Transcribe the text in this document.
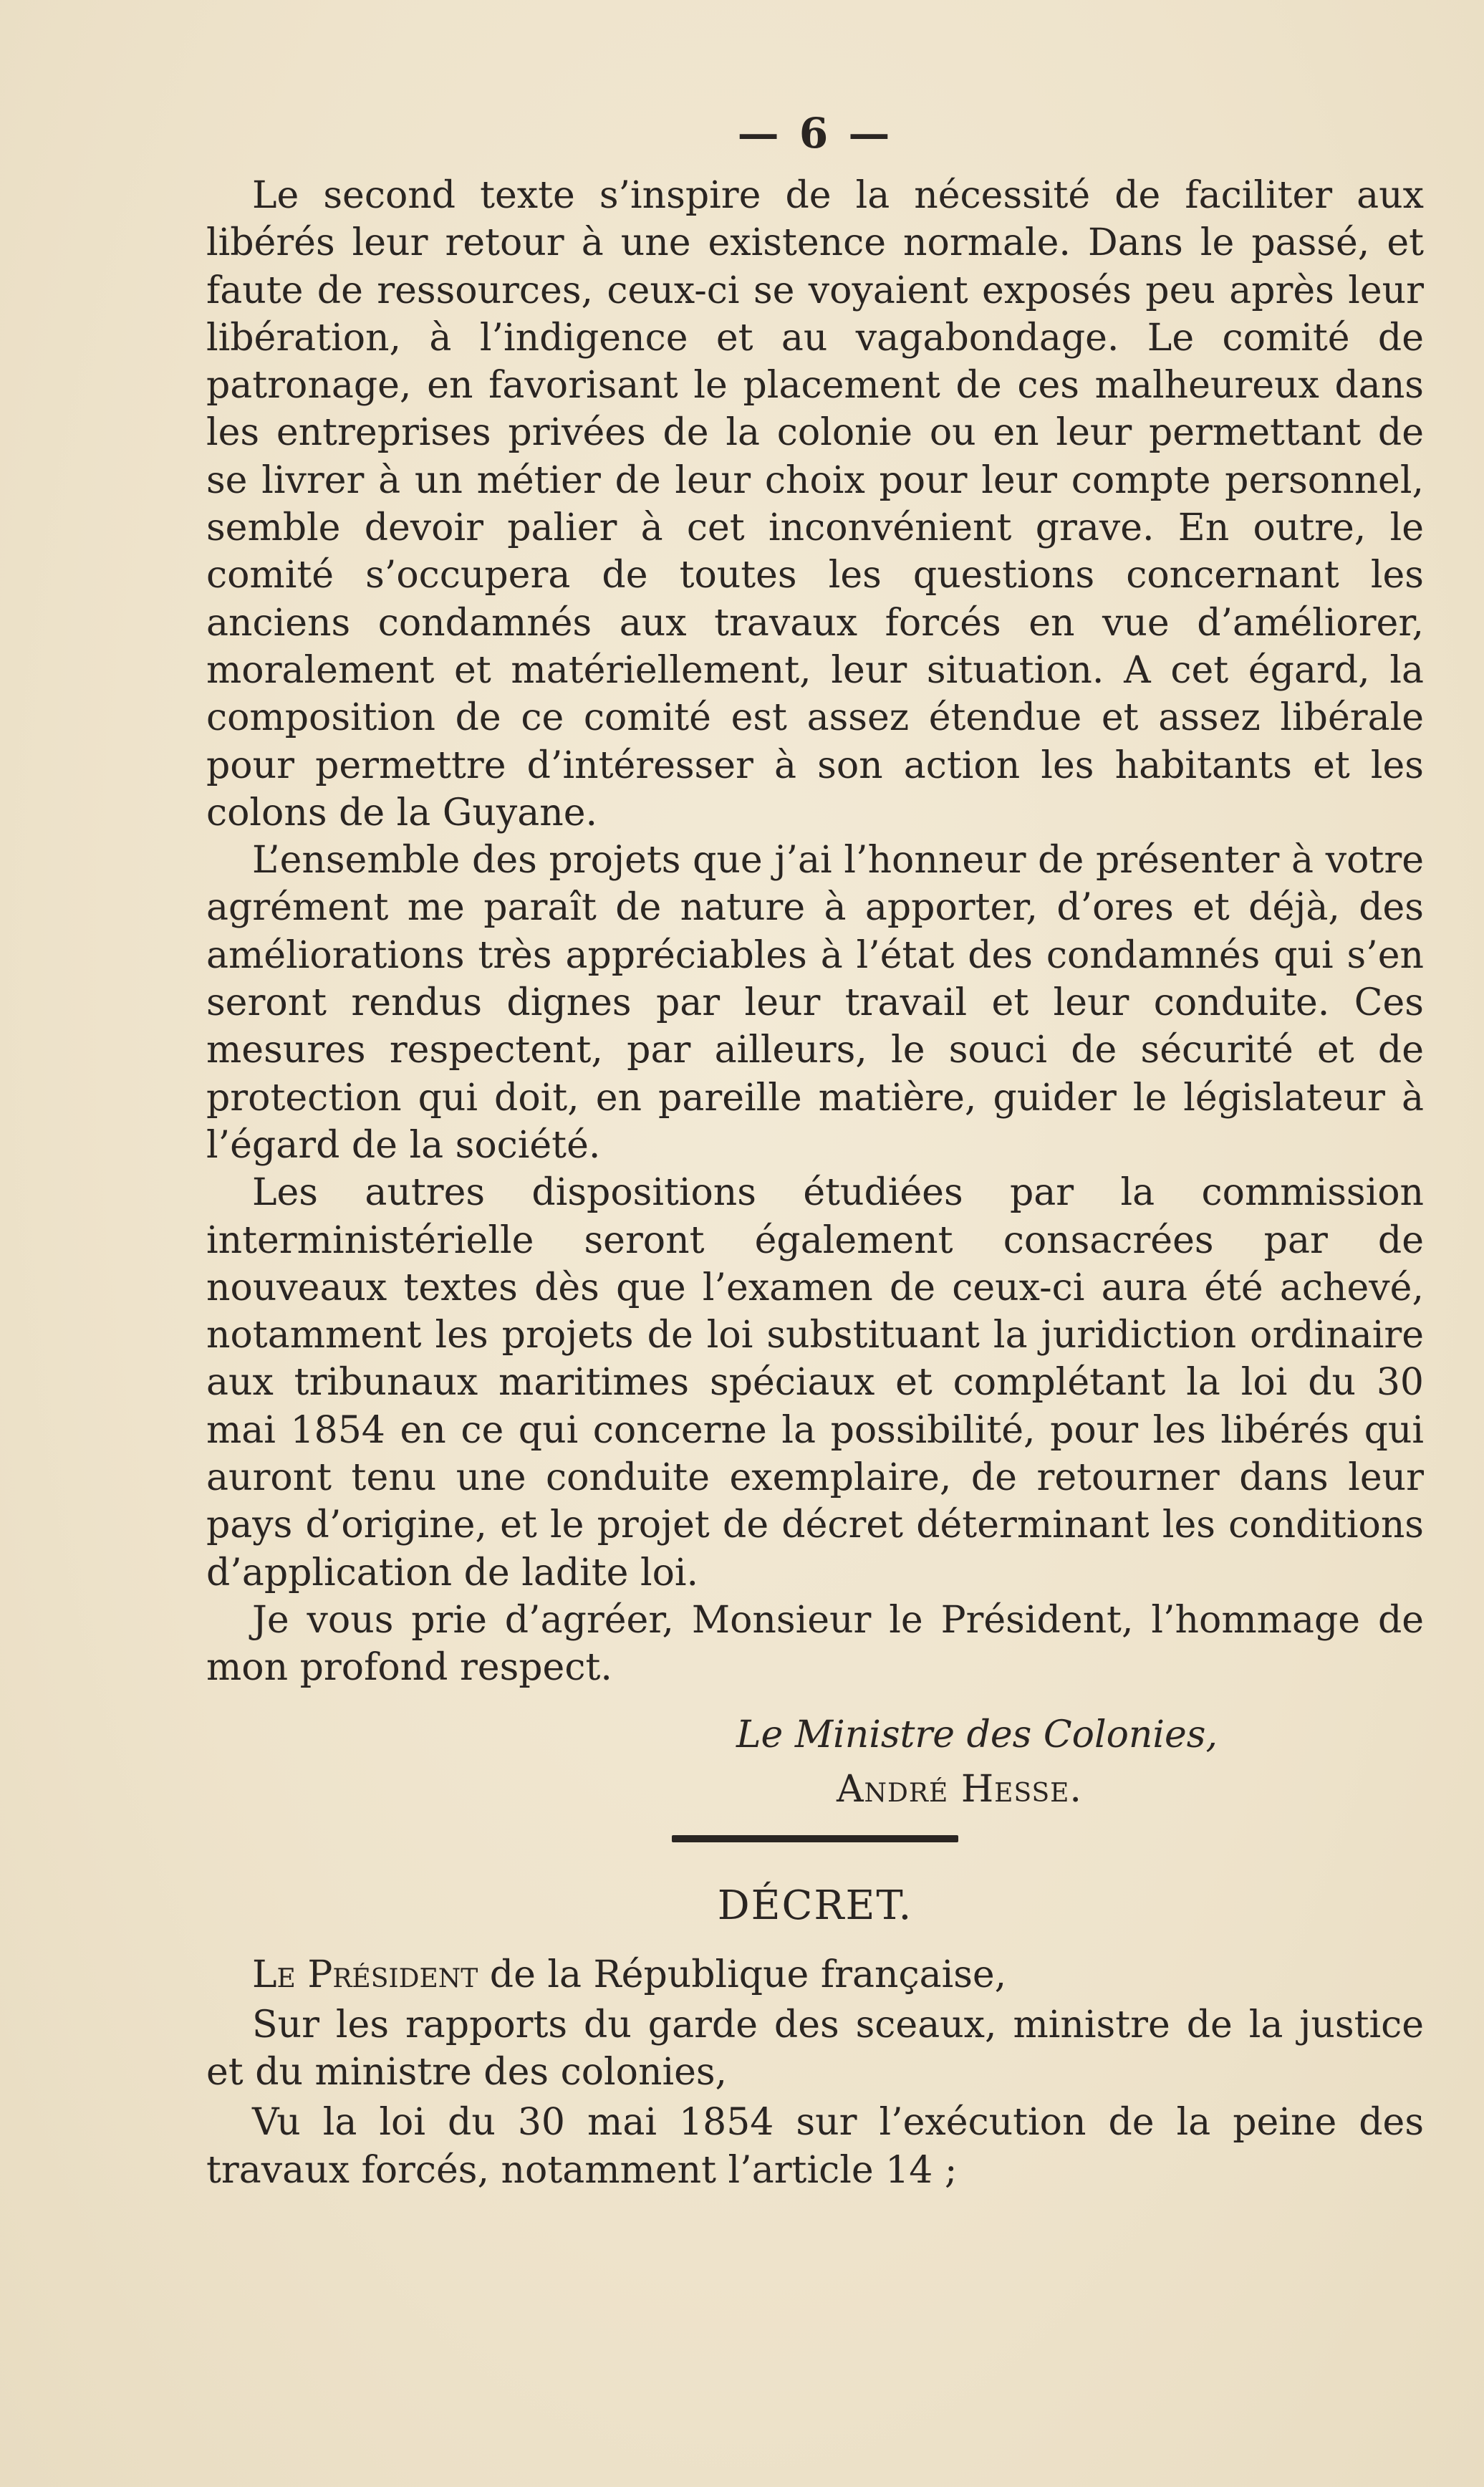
— 6 —

Le second texte s’inspire de la nécessité de faciliter aux libérés leur retour à une existence normale. Dans le passé, et faute de ressources, ceux-ci se voyaient exposés peu après leur libération, à l’indigence et au vagabondage. Le comité de patronage, en favorisant le placement de ces malheureux dans les entreprises privées de la colonie ou en leur permettant de se livrer à un métier de leur choix pour leur compte personnel, semble devoir palier à cet inconvénient grave. En outre, le comité s’occupera de toutes les questions concernant les anciens condamnés aux travaux forcés en vue d’améliorer, moralement et matériellement, leur situation. A cet égard, la composition de ce comité est assez étendue et assez libérale pour permettre d’intéresser à son action les habitants et les colons de la Guyane.

L’ensemble des projets que j’ai l’honneur de présenter à votre agrément me paraît de nature à apporter, d’ores et déjà, des améliorations très appréciables à l’état des condamnés qui s’en seront rendus dignes par leur travail et leur conduite. Ces mesures respectent, par ailleurs, le souci de sécurité et de protection qui doit, en pareille matière, guider le législateur à l’égard de la société.

Les autres dispositions étudiées par la commission interministérielle seront également consacrées par de nouveaux textes dès que l’examen de ceux-ci aura été achevé, notamment les projets de loi substituant la juridiction ordinaire aux tribunaux maritimes spéciaux et complétant la loi du 30 mai 1854 en ce qui concerne la possibilité, pour les libérés qui auront tenu une conduite exemplaire, de retourner dans leur pays d’origine, et le projet de décret déterminant les conditions d’application de ladite loi.

Je vous prie d’agréer, Monsieur le Président, l’hommage de mon profond respect.

Le Ministre des Colonies,

André Hesse.

DÉCRET.

Le Président de la République française,

Sur les rapports du garde des sceaux, ministre de la justice et du ministre des colonies,

Vu la loi du 30 mai 1854 sur l’exécution de la peine des travaux forcés, notamment l’article 14 ;
